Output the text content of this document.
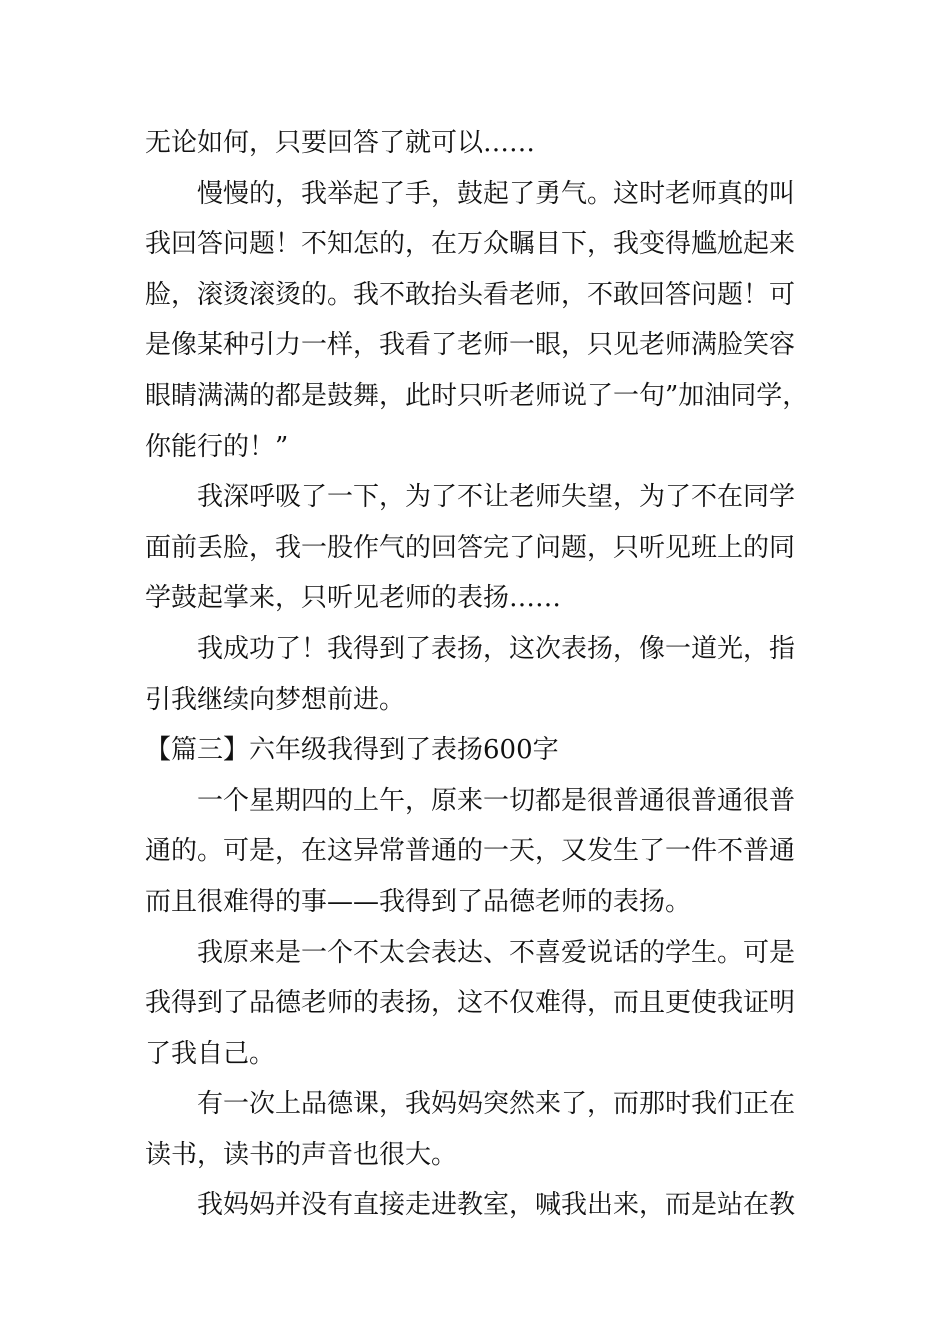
无论如何，只要回答了就可以……
慢慢的，我举起了手，鼓起了勇气。这时老师真的叫
我回答问题！不知怎的，在万众瞩目下，我变得尴尬起来
脸，滚烫滚烫的。我不敢抬头看老师，不敢回答问题！可
是像某种引力一样，我看了老师一眼，只见老师满脸笑容
眼睛满满的都是鼓舞，此时只听老师说了一句”加油同学，
你能行的！”
我深呼吸了一下，为了不让老师失望，为了不在同学
面前丢脸，我一股作气的回答完了问题，只听见班上的同
学鼓起掌来，只听见老师的表扬……
我成功了！我得到了表扬，这次表扬，像一道光，指
引我继续向梦想前进。
【篇三】六年级我得到了表扬600字
一个星期四的上午，原来一切都是很普通很普通很普
通的。可是，在这异常普通的一天，又发生了一件不普通
而且很难得的事——我得到了品德老师的表扬。
我原来是一个不太会表达、不喜爱说话的学生。可是
我得到了品德老师的表扬，这不仅难得，而且更使我证明
了我自己。
有一次上品德课，我妈妈突然来了，而那时我们正在
读书，读书的声音也很大。
我妈妈并没有直接走进教室，喊我出来，而是站在教
